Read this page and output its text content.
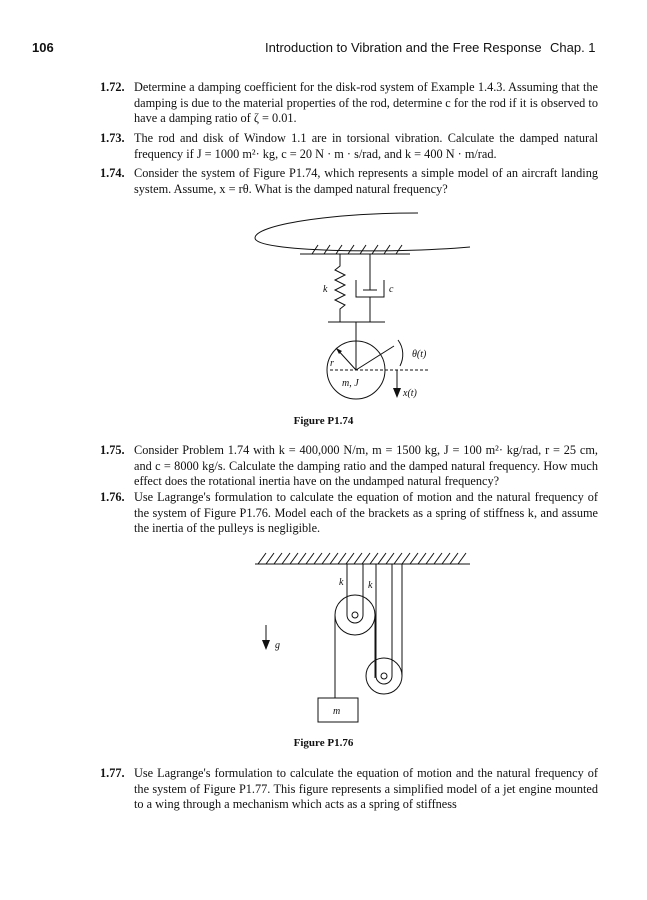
106	Introduction to Vibration and the Free Response Chap. 1
1.72. Determine a damping coefficient for the disk-rod system of Example 1.4.3. Assuming that the damping is due to the material properties of the rod, determine c for the rod if it is observed to have a damping ratio of ζ = 0.01.
1.73. The rod and disk of Window 1.1 are in torsional vibration. Calculate the damped natural frequency if J = 1000 m²· kg, c = 20 N · m · s/rad, and k = 400 N · m/rad.
1.74. Consider the system of Figure P1.74, which represents a simple model of an aircraft landing system. Assume, x = rθ. What is the damped natural frequency?
k	c
r
θ(t)
m, J
x(t)
Figure P1.74
1.75. Consider Problem 1.74 with k = 400,000 N/m, m = 1500 kg, J = 100 m²· kg/rad, r = 25 cm, and c = 8000 kg/s. Calculate the damping ratio and the damped natural frequency. How much effect does the rotational inertia have on the undamped natural frequency?
1.76. Use Lagrange's formulation to calculate the equation of motion and the natural frequency of the system of Figure P1.76. Model each of the brackets as a spring of stiffness k, and assume the inertia of the pulleys is negligible.
k k
g
m
Figure P1.76
1.77. Use Lagrange's formulation to calculate the equation of motion and the natural frequency of the system of Figure P1.77. This figure represents a simplified model of a jet engine mounted to a wing through a mechanism which acts as a spring of stiffness
